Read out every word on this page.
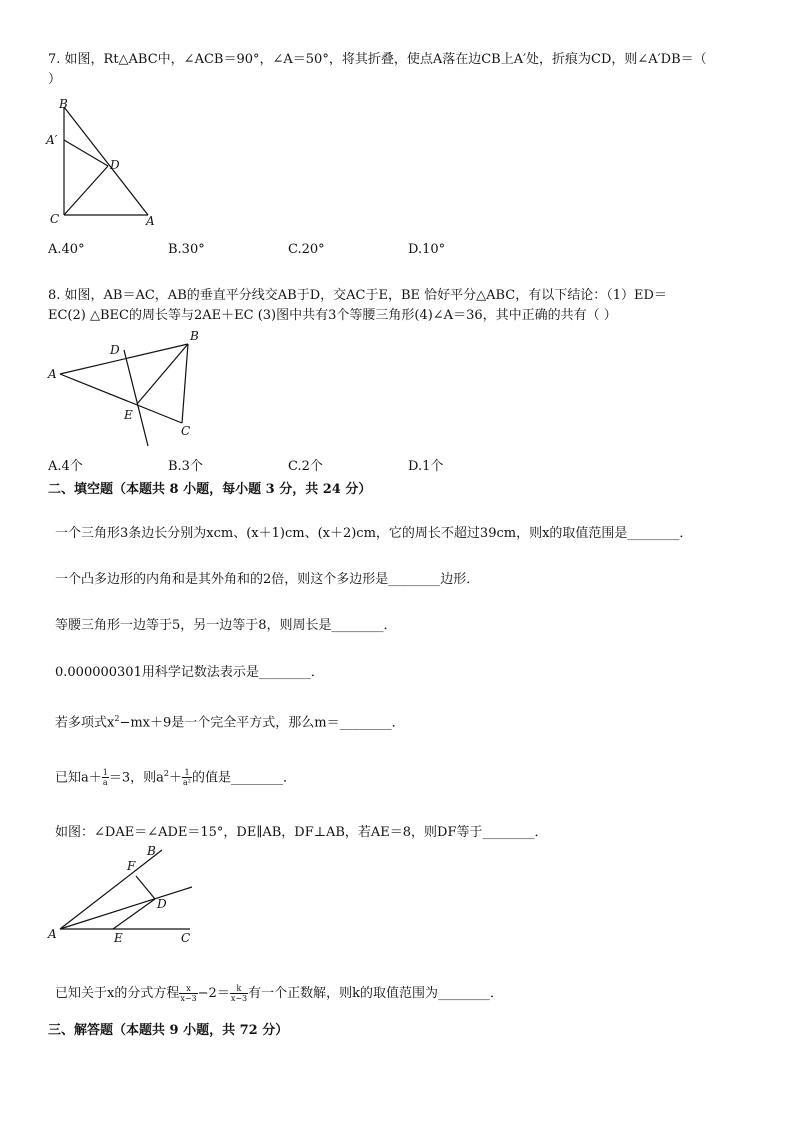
7. 如图，Rt△ABC中，∠ACB＝90°，∠A＝50°，将其折叠，使点A落在边CB上A′处，折痕为CD，则∠A′DB＝（
）
B
A′
D
C	A
A.40°	B.30°	C.20°	D.10°
8. 如图，AB＝AC，AB的垂直平分线交AB于D，交AC于E，BE 恰好平分△ABC，有以下结论：（1）ED＝
EC(2) △BEC的周长等与2AE＋EC (3)图中共有3个等腰三角形(4)∠A＝36，其中正确的共有（ ）
D
B
A
E
C
A.4个	B.3个	C.2个	D.1个
二、填空题（本题共 8 小题，每小题 3 分，共 24 分）
一个三角形3条边长分别为xcm、(x＋1)cm、(x＋2)cm，它的周长不超过39cm，则x的取值范围是________．
一个凸多边形的内角和是其外角和的2倍，则这个多边形是________边形．
等腰三角形一边等于5，另一边等于8，则周长是________．
0.000000301用科学记数法表示是________．
若多项式$x^2-mx+9$是一个完全平方式，那么m＝________．
已知$a+ \frac{1}{a} =3$，则$a^2+ \frac{1}{\text{a²}}$ 的值是________．
如图：∠DAE＝∠ADE＝15°，DE∥AB，DF⊥AB，若AE＝8，则DF等于________．
F
B
D
A	E	C
已知关于x的分式方程 $\frac{x}{x-3} -2= \frac{k}{x-3}$ 有一个正数解，则k的取值范围为________．
三、解答题（本题共 9 小题，共 72 分）
